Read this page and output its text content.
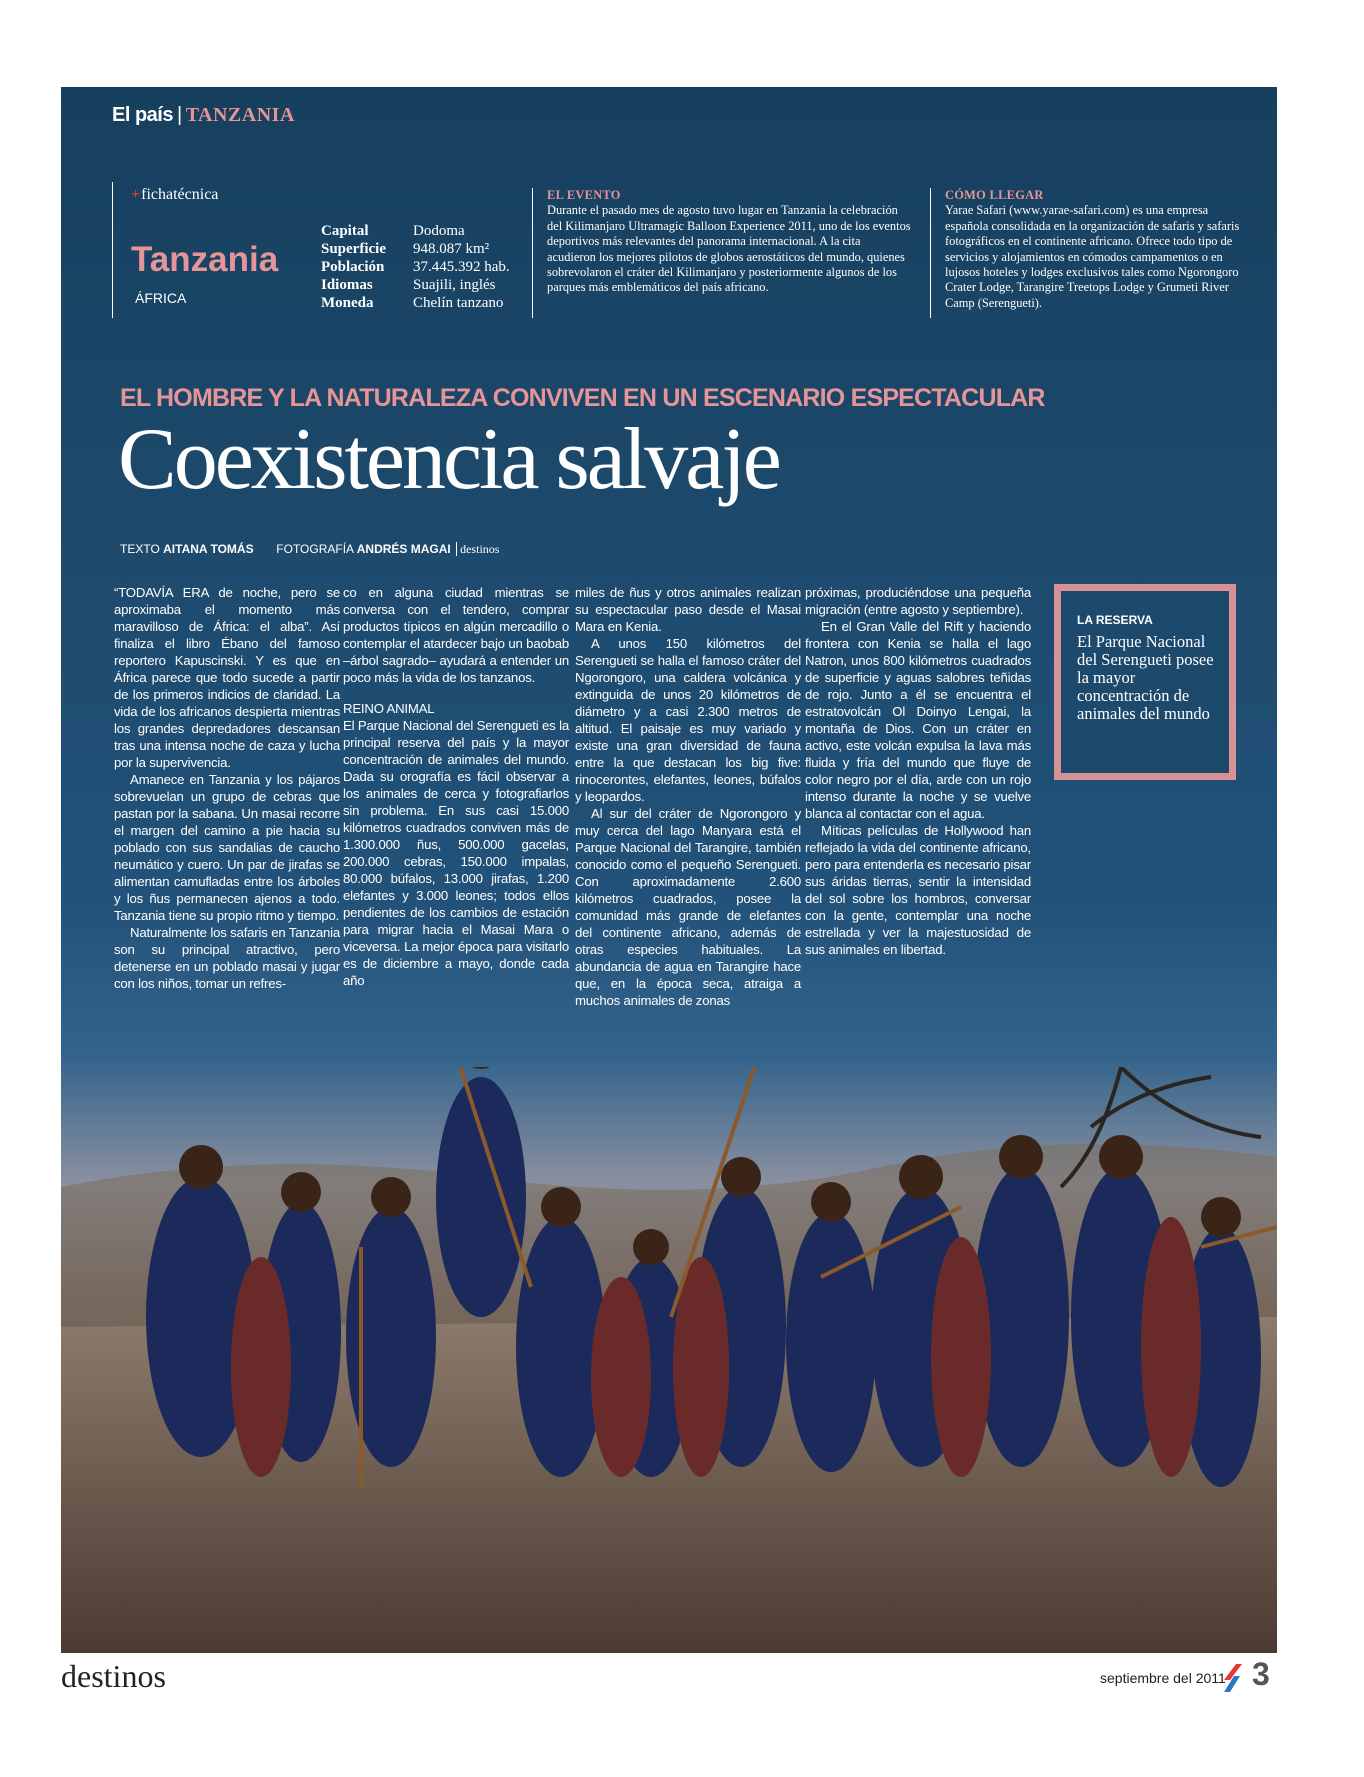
El país | TANZANIA
+fichatécnica
Tanzania
ÁFRICA
Capital	Dodoma
Superficie	948.087 km²
Población	37.445.392 hab.
Idiomas	Suajili, inglés
Moneda	Chelín tanzano
EL EVENTO

Durante el pasado mes de agosto tuvo lugar en Tanzania la celebración del Kilimanjaro Ultramagic Balloon Experience 2011, uno de los eventos deportivos más relevantes del panorama internacional. A la cita acudieron los mejores pilotos de globos aerostáticos del mundo, quienes sobrevolaron el cráter del Kilimanjaro y posteriormente algunos de los parques más emblemáticos del país africano.

CÓMO LLEGAR

Yarae Safari (www.yarae-safari.com) es una empresa española consolidada en la organización de safaris y safaris fotográficos en el continente africano. Ofrece todo tipo de servicios y alojamientos en cómodos campamentos o en lujosos hoteles y lodges exclusivos tales como Ngorongoro Crater Lodge, Tarangire Treetops Lodge y Grumeti River Camp (Serengueti).

EL HOMBRE Y LA NATURALEZA CONVIVEN EN UN ESCENARIO ESPECTACULAR
Coexistencia salvaje
TEXTO AITANA TOMÁS FOTOGRAFÍA ANDRÉS MAGAI destinos

“TODAVÍA ERA de noche, pero se aproximaba el momento más maravilloso de África: el alba”. Así finaliza el libro Ébano del famoso reportero Kapuscinski. Y es que en África parece que todo sucede a partir de los primeros indicios de claridad. La vida de los africanos despierta mientras los grandes depredadores descansan tras una intensa noche de caza y lucha por la supervivencia.

Amanece en Tanzania y los pájaros sobrevuelan un grupo de cebras que pastan por la sabana. Un masai recorre el margen del camino a pie hacia su poblado con sus sandalias de caucho neumático y cuero. Un par de jirafas se alimentan camufladas entre los árboles y los ñus permanecen ajenos a todo. Tanzania tiene su propio ritmo y tiempo.

Naturalmente los safaris en Tanzania son su principal atractivo, pero detenerse en un poblado masai y jugar con los niños, tomar un refres-

co en alguna ciudad mientras se conversa con el tendero, comprar productos típicos en algún mercadillo o contemplar el atardecer bajo un baobab –árbol sagrado– ayudará a entender un poco más la vida de los tanzanos.

REINO ANIMAL

El Parque Nacional del Serengueti es la principal reserva del país y la mayor concentración de animales del mundo. Dada su orografía es fácil observar a los animales de cerca y fotografiarlos sin problema. En sus casi 15.000 kilómetros cuadrados conviven más de 1.300.000 ñus, 500.000 gacelas, 200.000 cebras, 150.000 impalas, 80.000 búfalos, 13.000 jirafas, 1.200 elefantes y 3.000 leones; todos ellos pendientes de los cambios de estación para migrar hacia el Masai Mara o viceversa. La mejor época para visitarlo es de diciembre a mayo, donde cada año

miles de ñus y otros animales realizan su espectacular paso desde el Masai Mara en Kenia.

A unos 150 kilómetros del Serengueti se halla el famoso cráter del Ngorongoro, una caldera volcánica y extinguida de unos 20 kilómetros de diámetro y a casi 2.300 metros de altitud. El paisaje es muy variado y existe una gran diversidad de fauna entre la que destacan los big five: rinocerontes, elefantes, leones, búfalos y leopardos.

Al sur del cráter de Ngorongoro y muy cerca del lago Manyara está el Parque Nacional del Tarangire, también conocido como el pequeño Serengueti. Con aproximadamente 2.600 kilómetros cuadrados, posee la comunidad más grande de elefantes del continente africano, además de otras especies habituales. La abundancia de agua en Tarangire hace que, en la época seca, atraiga a muchos animales de zonas

próximas, produciéndose una pequeña migración (entre agosto y septiembre).

En el Gran Valle del Rift y haciendo frontera con Kenia se halla el lago Natron, unos 800 kilómetros cuadrados de superficie y aguas salobres teñidas de rojo. Junto a él se encuentra el estratovolcán Ol Doinyo Lengai, la montaña de Dios. Con un cráter en activo, este volcán expulsa la lava más fluida y fría del mundo que fluye de color negro por el día, arde con un rojo intenso durante la noche y se vuelve blanca al contactar con el agua.

Míticas películas de Hollywood han reflejado la vida del continente africano, pero para entenderla es necesario pisar sus áridas tierras, sentir la intensidad del sol sobre los hombros, conversar con la gente, contemplar una noche estrellada y ver la majestuosidad de sus animales en libertad.

LA RESERVA

El Parque Nacional del Serengueti posee la mayor concentración de animales del mundo

destinos	septiembre del 2011 3
